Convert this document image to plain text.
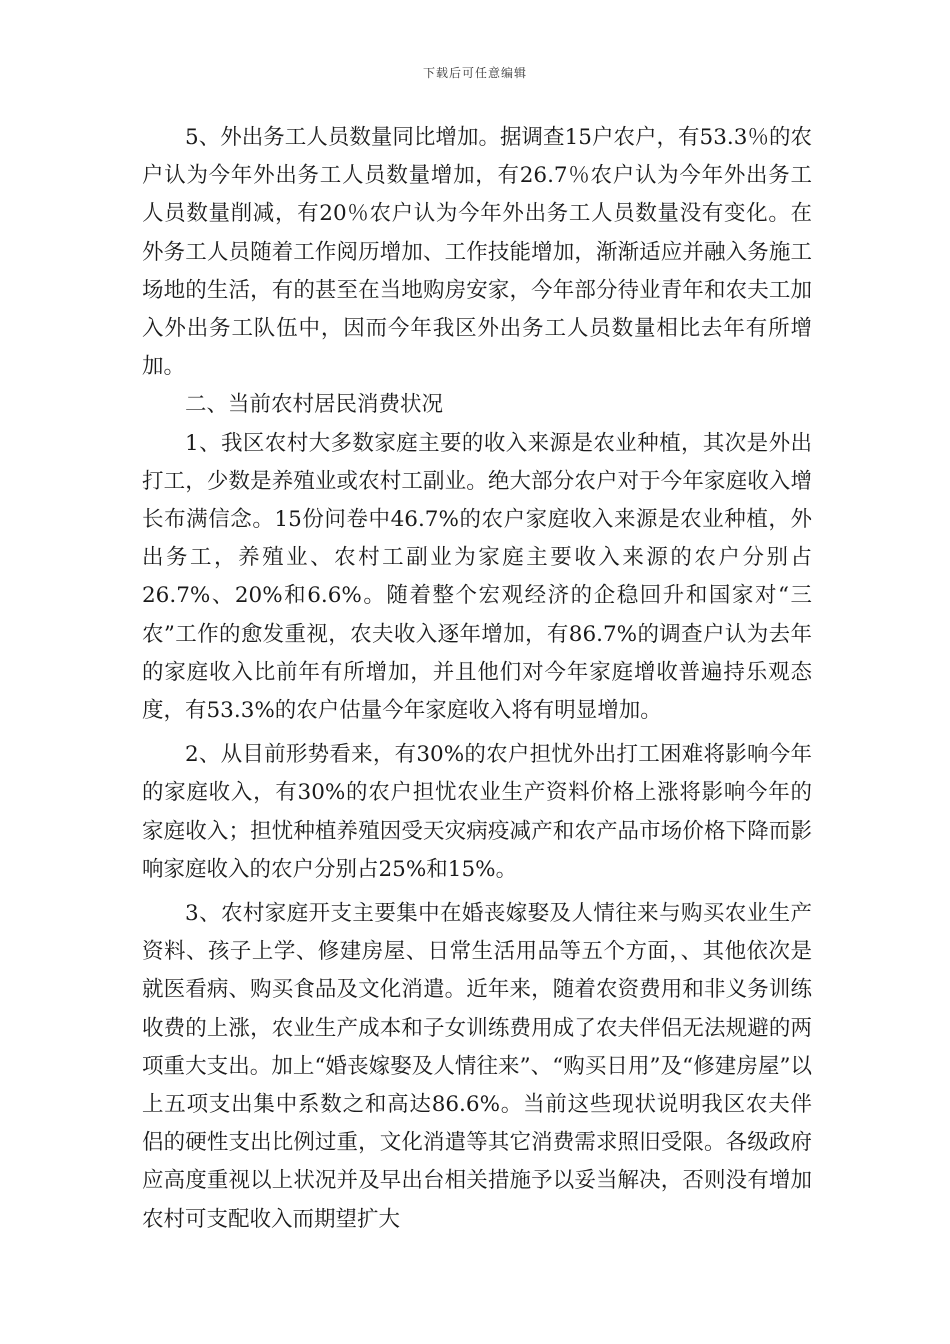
下载后可任意编辑

5、外出务工人员数量同比增加。据调查15户农户，有53.3％的农户认为今年外出务工人员数量增加，有26.7％农户认为今年外出务工人员数量削减，有20％农户认为今年外出务工人员数量没有变化。在外务工人员随着工作阅历增加、工作技能增加，渐渐适应并融入务施工场地的生活，有的甚至在当地购房安家，今年部分待业青年和农夫工加入外出务工队伍中，因而今年我区外出务工人员数量相比去年有所增加。

二、当前农村居民消费状况

1、我区农村大多数家庭主要的收入来源是农业种植，其次是外出打工，少数是养殖业或农村工副业。绝大部分农户对于今年家庭收入增长布满信念。15份问卷中46.7%的农户家庭收入来源是农业种植，外出务工，养殖业、农村工副业为家庭主要收入来源的农户分别占26.7%、20%和6.6%。随着整个宏观经济的企稳回升和国家对“三农”工作的愈发重视，农夫收入逐年增加，有86.7%的调查户认为去年的家庭收入比前年有所增加，并且他们对今年家庭增收普遍持乐观态度，有53.3%的农户估量今年家庭收入将有明显增加。

2、从目前形势看来，有30%的农户担忧外出打工困难将影响今年的家庭收入，有30%的农户担忧农业生产资料价格上涨将影响今年的家庭收入；担忧种植养殖因受天灾病疫减产和农产品市场价格下降而影响家庭收入的农户分别占25%和15%。

3、农村家庭开支主要集中在婚丧嫁娶及人情往来与购买农业生产资料、孩子上学、修建房屋、日常生活用品等五个方面，、其他依次是就医看病、购买食品及文化消遣。近年来，随着农资费用和非义务训练收费的上涨，农业生产成本和子女训练费用成了农夫伴侣无法规避的两项重大支出。加上“婚丧嫁娶及人情往来”、“购买日用”及“修建房屋”以上五项支出集中系数之和高达86.6%。当前这些现状说明我区农夫伴侣的硬性支出比例过重，文化消遣等其它消费需求照旧受限。各级政府应高度重视以上状况并及早出台相关措施予以妥当解决，否则没有增加农村可支配收入而期望扩大
